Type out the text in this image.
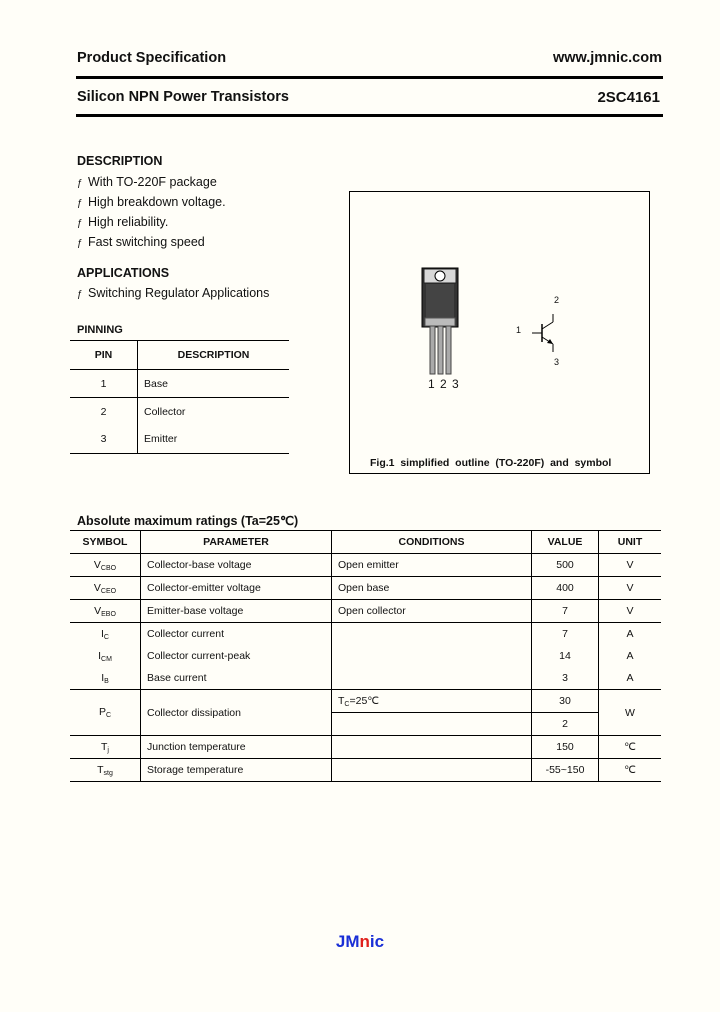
Product Specification	www.jmnic.com
Silicon NPN Power Transistors	2SC4161
DESCRIPTION
ƒ With TO-220F package
ƒ High breakdown voltage.
ƒ High reliability.
ƒ Fast switching speed
APPLICATIONS
ƒ Switching Regulator Applications
PINNING
PIN	DESCRIPTION
1	Base
2	Collector
3	Emitter
1 2 3
1
2
3
Fig.1  simplified  outline  (TO-220F)  and  symbol
Absolute maximum ratings (Ta=25℃)
SYMBOL	PARAMETER	CONDITIONS	VALUE	UNIT
$V_{CBO}$	Collector-base voltage	Open emitter	500	V
$V_{CEO}$	Collector-emitter voltage	Open base	400	V
$V_{EBO}$	Emitter-base voltage	Open collector	7	V
$I_C$	Collector current		7	A
$I_{CM}$	Collector current-peak		14	A
$I_B$	Base current		3	A
$P_C$	Collector dissipation	$T_C=25℃$	30	W
			2	
$T_j$	Junction temperature		150	℃
$T_{stg}$	Storage temperature		-55~150	℃
JMnic
